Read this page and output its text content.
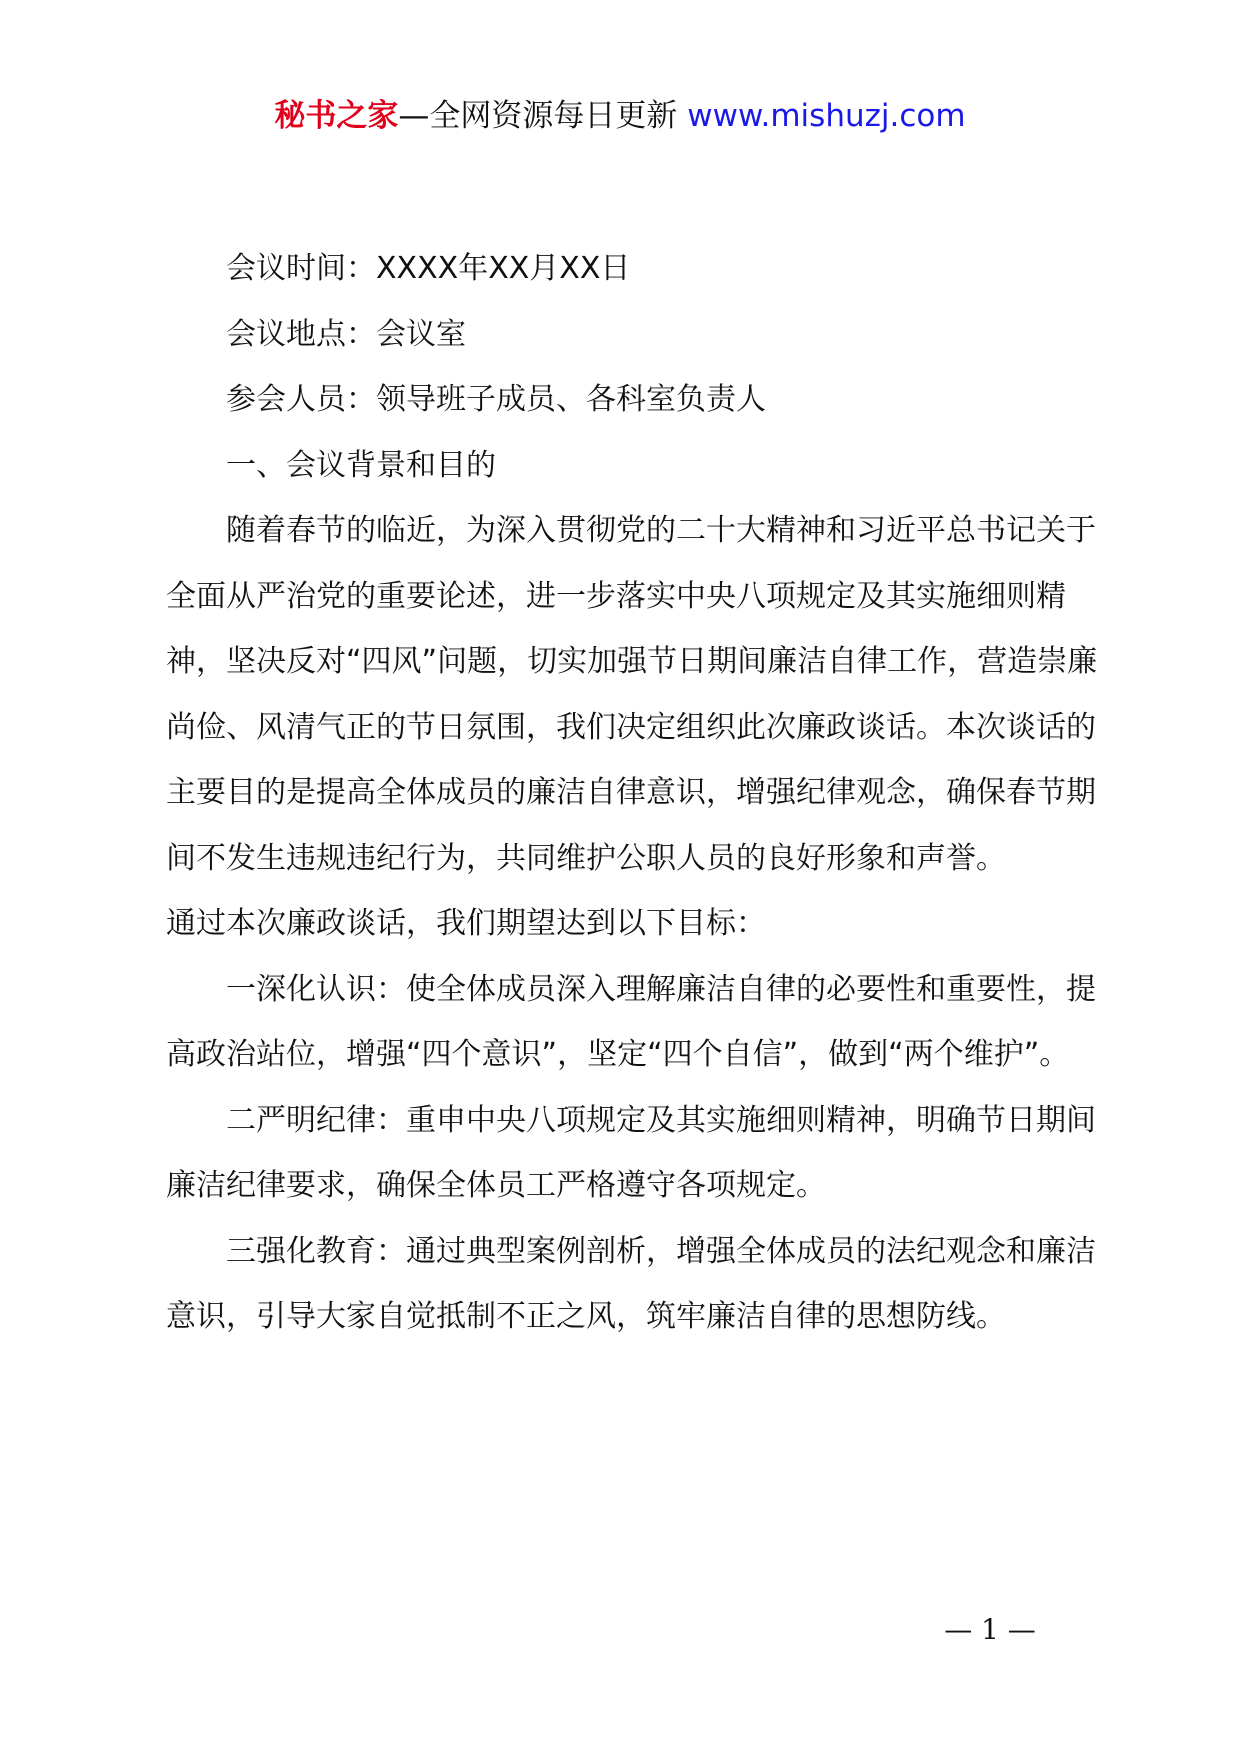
秘书之家—全网资源每日更新 www.mishuzj.com

会议时间：XXXX年XX月XX日

会议地点：会议室

参会人员：领导班子成员、各科室负责人

一、会议背景和目的

随着春节的临近，为深入贯彻党的二十大精神和习近平总书记关于全面从严治党的重要论述，进一步落实中央八项规定及其实施细则精神，坚决反对“四风”问题，切实加强节日期间廉洁自律工作，营造崇廉尚俭、风清气正的节日氛围，我们决定组织此次廉政谈话。本次谈话的主要目的是提高全体成员的廉洁自律意识，增强纪律观念，确保春节期间不发生违规违纪行为，共同维护公职人员的良好形象和声誉。

通过本次廉政谈话，我们期望达到以下目标：

一深化认识：使全体成员深入理解廉洁自律的必要性和重要性，提高政治站位，增强“四个意识”，坚定“四个自信”，做到“两个维护”。

二严明纪律：重申中央八项规定及其实施细则精神，明确节日期间廉洁纪律要求，确保全体员工严格遵守各项规定。

三强化教育：通过典型案例剖析，增强全体成员的法纪观念和廉洁意识，引导大家自觉抵制不正之风，筑牢廉洁自律的思想防线。

— 1 —
